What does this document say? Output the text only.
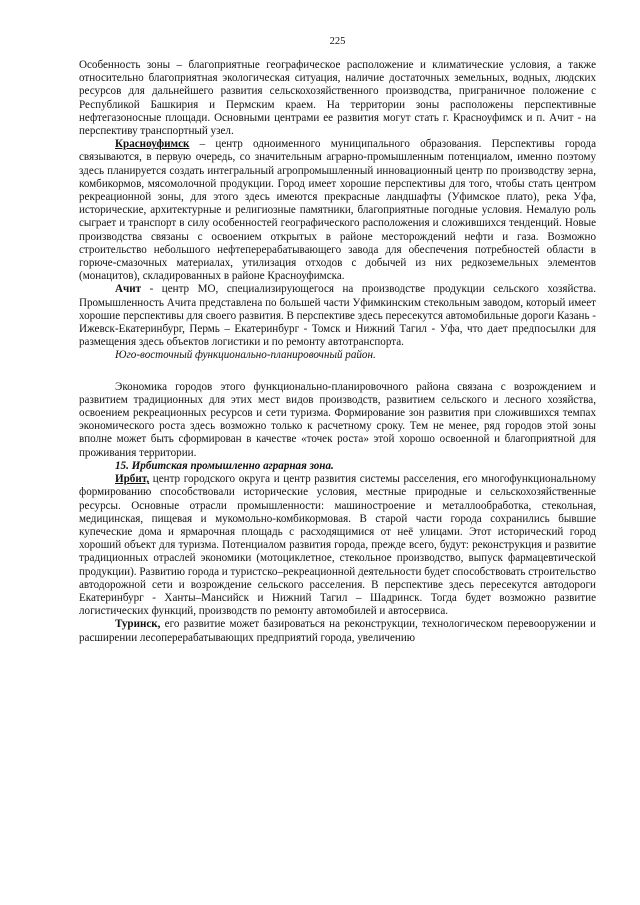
225

Особенность зоны – благоприятные географическое расположение и климатические условия, а также относительно благоприятная экологическая ситуация, наличие достаточных земельных, водных, людских ресурсов для дальнейшего развития сельскохозяйственного производства, приграничное положение с Республикой Башкирия и Пермским краем. На территории зоны расположены перспективные нефтегазоносные площади. Основными центрами ее развития могут стать г. Красноуфимск и п. Ачит - на перспективу транспортный узел.

Красноуфимск – центр одноименного муниципального образования. Перспективы города связываются, в первую очередь, со значительным аграрно-промышленным потенциалом, именно поэтому здесь планируется создать интегральный агропромышленный инновационный центр по производству зерна, комбикормов, мясомолочной продукции. Город имеет хорошие перспективы для того, чтобы стать центром рекреационной зоны, для этого здесь имеются прекрасные ландшафты (Уфимское плато), река Уфа, исторические, архитектурные и религиозные памятники, благоприятные погодные условия. Немалую роль сыграет и транспорт в силу особенностей географического расположения и сложившихся тенденций. Новые производства связаны с освоением открытых в районе месторождений нефти и газа. Возможно строительство небольшого нефтеперерабатывающего завода для обеспечения потребностей области в горюче-смазочных материалах, утилизация отходов с добычей из них редкоземельных элементов (монацитов), складированных в районе Красноуфимска.

Ачит - центр МО, специализирующегося на производстве продукции сельского хозяйства. Промышленность Ачита представлена по большей части Уфимкинским стекольным заводом, который имеет хорошие перспективы для своего развития. В перспективе здесь пересекутся автомобильные дороги Казань - Ижевск-Екатеринбург, Пермь – Екатеринбург - Томск и Нижний Тагил - Уфа, что дает предпосылки для размещения здесь объектов логистики и по ремонту автотранспорта.

Юго-восточный функционально-планировочный район.

Экономика городов этого функционально-планировочного района связана с возрождением и развитием традиционных для этих мест видов производств, развитием сельского и лесного хозяйства, освоением рекреационных ресурсов и сети туризма. Формирование зон развития при сложившихся темпах экономического роста здесь возможно только к расчетному сроку. Тем не менее, ряд городов этой зоны вполне может быть сформирован в качестве «точек роста» этой хорошо освоенной и благоприятной для проживания территории.

15. Ирбитская промышленно аграрная зона.

Ирбит, центр городского округа и центр развития системы расселения, его многофункциональному формированию способствовали исторические условия, местные природные и сельскохозяйственные ресурсы. Основные отрасли промышленности: машиностроение и металлообработка, стекольная, медицинская, пищевая и мукомольно-комбикормовая. В старой части города сохранились бывшие купеческие дома и ярмарочная площадь с расходящимися от неё улицами. Этот исторический город хороший объект для туризма. Потенциалом развития города, прежде всего, будут: реконструкция и развитие традиционных отраслей экономики (мотоциклетное, стекольное производство, выпуск фармацевтической продукции). Развитию города и туристско–рекреационной деятельности будет способствовать строительство автодорожной сети и возрождение сельского расселения. В перспективе здесь пересекутся автодороги Екатеринбург - Ханты–Мансийск и Нижний Тагил – Шадринск. Тогда будет возможно развитие логистических функций, производств по ремонту автомобилей и автосервиса.

Туринск, его развитие может базироваться на реконструкции, технологическом перевооружении и расширении лесоперерабатывающих предприятий города, увеличению
